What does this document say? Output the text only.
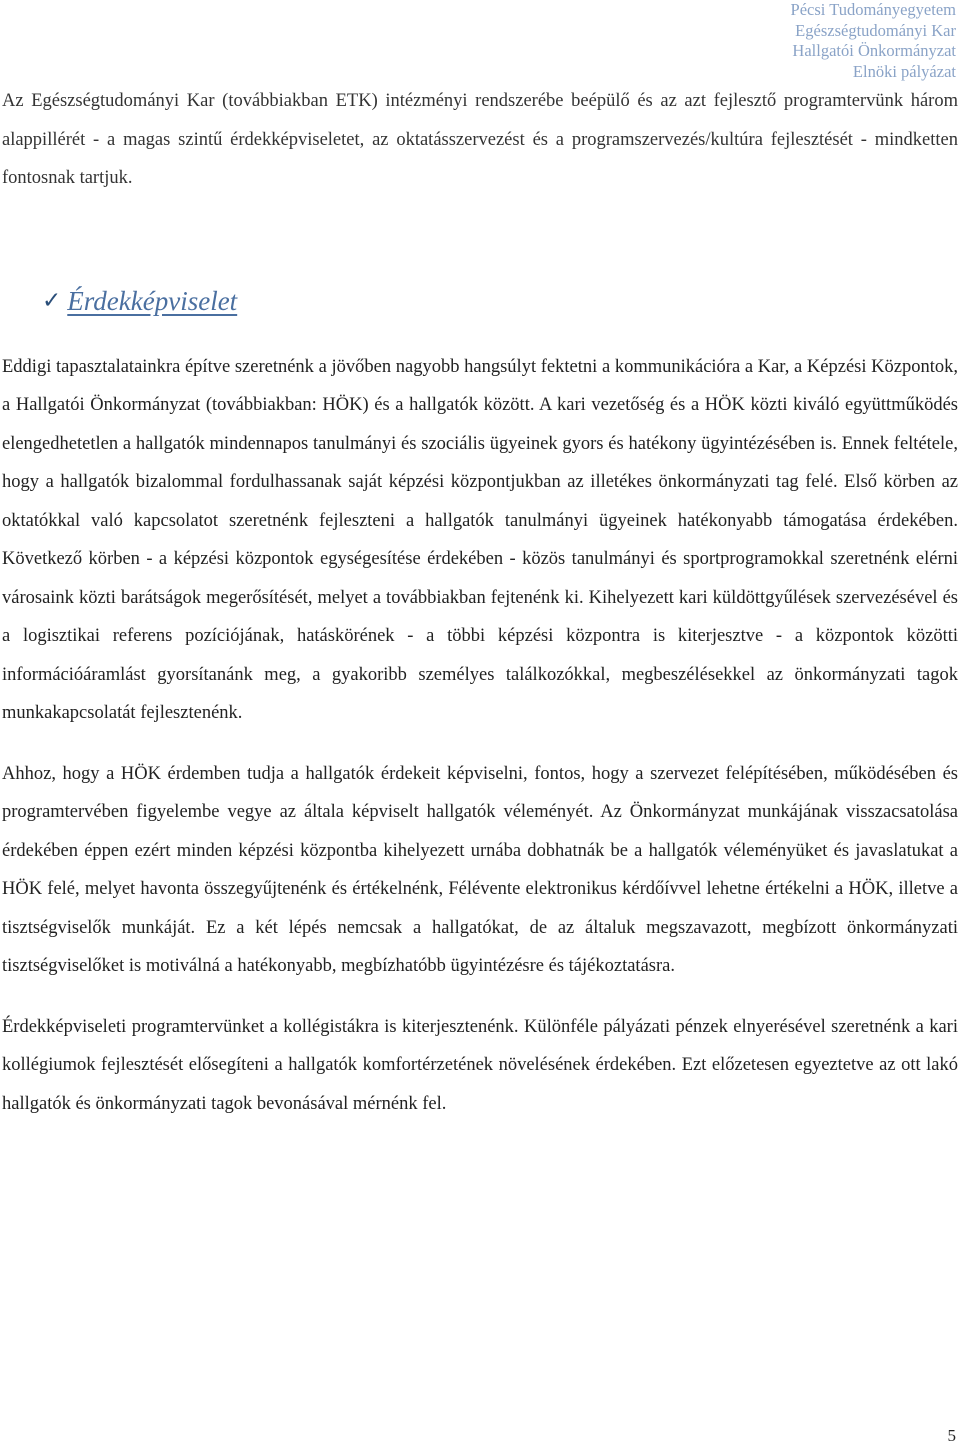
Pécsi Tudományegyetem
Egészségtudományi Kar
Hallgatói Önkormányzat
Elnöki pályázat

Az Egészségtudományi Kar (továbbiakban ETK) intézményi rendszerébe beépülő és az azt fejlesztő programtervünk három alappillérét - a magas szintű érdekképviseletet, az oktatásszervezést és a programszervezés/kultúra fejlesztését - mindketten fontosnak tartjuk.

✓ Érdekképviselet

Eddigi tapasztalatainkra építve szeretnénk a jövőben nagyobb hangsúlyt fektetni a kommunikációra a Kar, a Képzési Központok, a Hallgatói Önkormányzat (továbbiakban: HÖK) és a hallgatók között. A kari vezetőség és a HÖK közti kiváló együttműködés elengedhetetlen a hallgatók mindennapos tanulmányi és szociális ügyeinek gyors és hatékony ügyintézésében is. Ennek feltétele, hogy a hallgatók bizalommal fordulhassanak saját képzési központjukban az illetékes önkormányzati tag felé. Első körben az oktatókkal való kapcsolatot szeretnénk fejleszteni a hallgatók tanulmányi ügyeinek hatékonyabb támogatása érdekében. Következő körben - a képzési központok egységesítése érdekében - közös tanulmányi és sportprogramokkal szeretnénk elérni városaink közti barátságok megerősítését, melyet a továbbiakban fejtenénk ki. Kihelyezett kari küldöttgyűlések szervezésével és a logisztikai referens pozíciójának, hatáskörének - a többi képzési központra is kiterjesztve - a központok közötti információáramlást gyorsítanánk meg, a gyakoribb személyes találkozókkal, megbeszélésekkel az önkormányzati tagok munkakapcsolatát fejlesztenénk.

Ahhoz, hogy a HÖK érdemben tudja a hallgatók érdekeit képviselni, fontos, hogy a szervezet felépítésében, működésében és programtervében figyelembe vegye az általa képviselt hallgatók véleményét. Az Önkormányzat munkájának visszacsatolása érdekében éppen ezért minden képzési központba kihelyezett urnába dobhatnák be a hallgatók véleményüket és javaslatukat a HÖK felé, melyet havonta összegyűjtenénk és értékelnénk, Félévente elektronikus kérdőívvel lehetne értékelni a HÖK, illetve a tisztségviselők munkáját. Ez a két lépés nemcsak a hallgatókat, de az általuk megszavazott, megbízott önkormányzati tisztségviselőket is motiválná a hatékonyabb, megbízhatóbb ügyintézésre és tájékoztatásra.

Érdekképviseleti programtervünket a kollégistákra is kiterjesztenénk. Különféle pályázati pénzek elnyerésével szeretnénk a kari kollégiumok fejlesztését elősegíteni a hallgatók komfortérzetének növelésének érdekében. Ezt előzetesen egyeztetve az ott lakó hallgatók és önkormányzati tagok bevonásával mérnénk fel.

5
